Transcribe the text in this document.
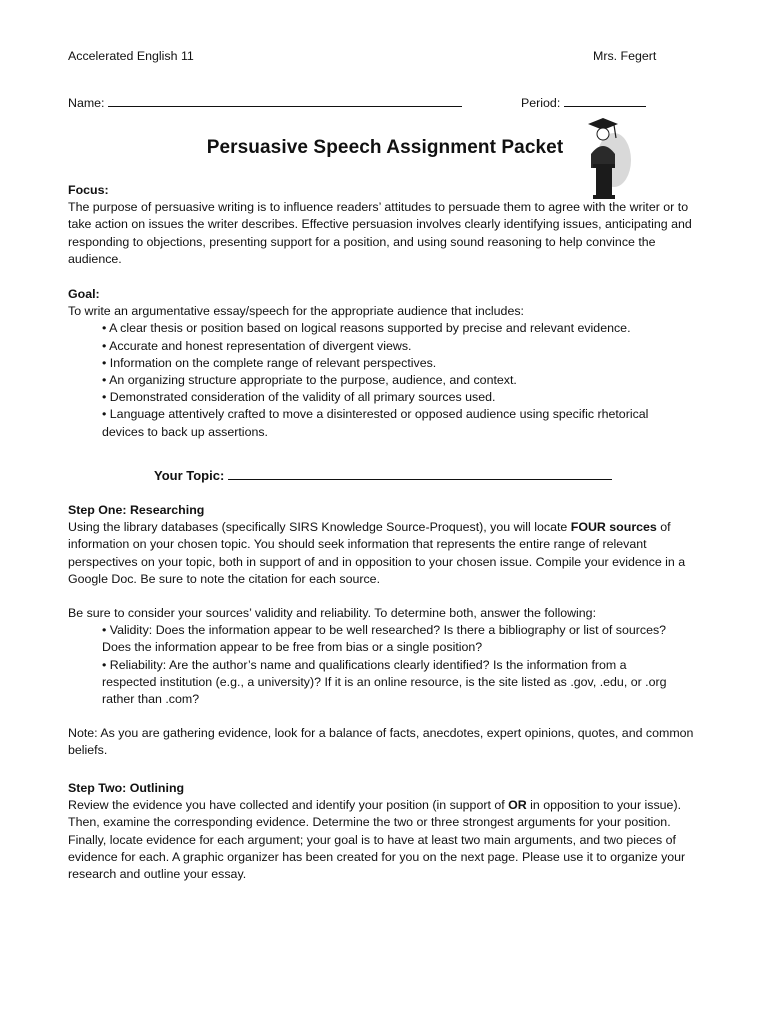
Accelerated English 11	Mrs. Fegert
Name:	Period:
Persuasive Speech Assignment Packet
Focus:

The purpose of persuasive writing is to influence readers’ attitudes to persuade them to agree with the writer or to take action on issues the writer describes. Effective persuasion involves clearly identifying issues, anticipating and responding to objections, presenting support for a position, and using sound reasoning to help convince the audience.

Goal:

To write an argumentative essay/speech for the appropriate audience that includes:

• A clear thesis or position based on logical reasons supported by precise and relevant evidence.
• Accurate and honest representation of divergent views.
• Information on the complete range of relevant perspectives.
• An organizing structure appropriate to the purpose, audience, and context.
• Demonstrated consideration of the validity of all primary sources used.
• Language attentively crafted to move a disinterested or opposed audience using specific rhetorical devices to back up assertions.
Your Topic:
Step One: Researching

Using the library databases (specifically SIRS Knowledge Source-Proquest), you will locate FOUR sources of information on your chosen topic. You should seek information that represents the entire range of relevant perspectives on your topic, both in support of and in opposition to your chosen issue. Compile your evidence in a Google Doc. Be sure to note the citation for each source.

Be sure to consider your sources’ validity and reliability. To determine both, answer the following:

• Validity: Does the information appear to be well researched? Is there a bibliography or list of sources? Does the information appear to be free from bias or a single position?
• Reliability: Are the author’s name and qualifications clearly identified? Is the information from a respected institution (e.g., a university)? If it is an online resource, is the site listed as .gov, .edu, or .org rather than .com?

Note: As you are gathering evidence, look for a balance of facts, anecdotes, expert opinions, quotes, and common beliefs.

Step Two: Outlining

Review the evidence you have collected and identify your position (in support of OR in opposition to your issue). Then, examine the corresponding evidence. Determine the two or three strongest arguments for your position. Finally, locate evidence for each argument; your goal is to have at least two main arguments, and two pieces of evidence for each. A graphic organizer has been created for you on the next page. Please use it to organize your research and outline your essay.
